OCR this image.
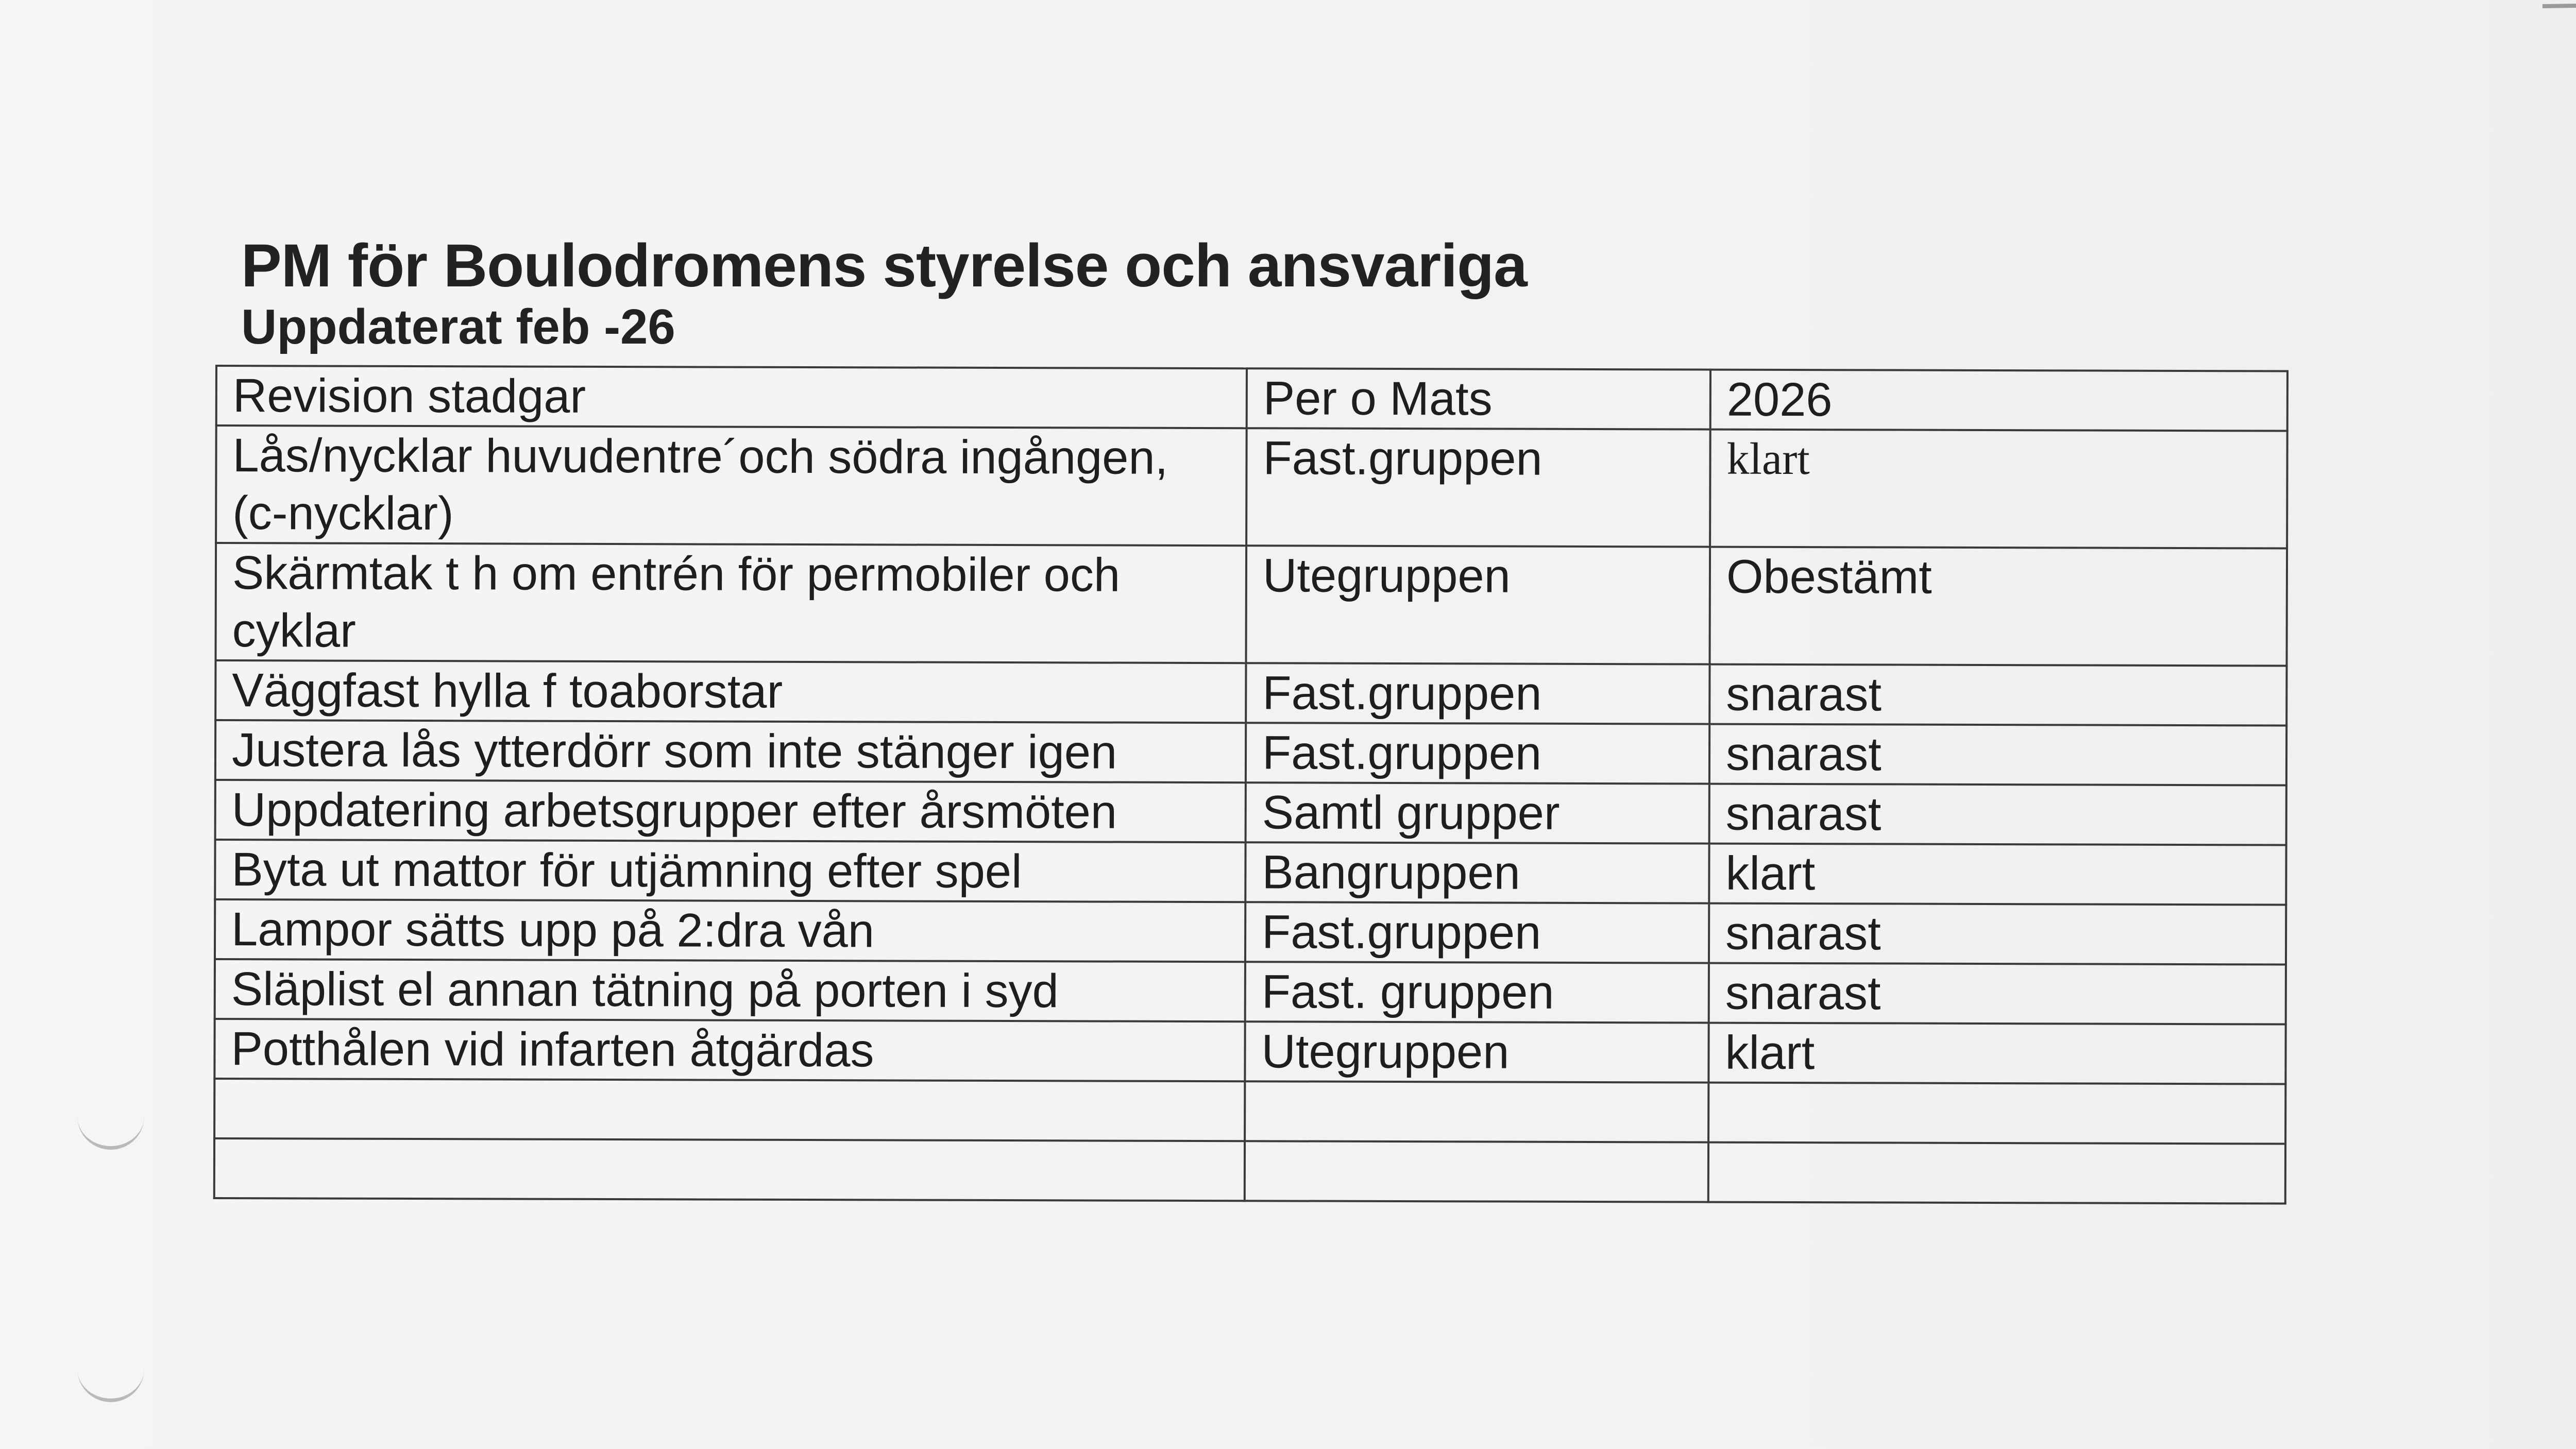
PM för Boulodromens styrelse och ansvariga
Uppdaterat feb -26
Revision stadgar	Per o Mats	2026
Lås/nycklar huvudentre´och södra ingången, (c-nycklar)	Fast.gruppen	klart
Skärmtak t h om entrén för permobiler och cyklar	Utegruppen	Obestämt
Väggfast hylla f toaborstar	Fast.gruppen	snarast
Justera lås ytterdörr som inte stänger igen	Fast.gruppen	snarast
Uppdatering arbetsgrupper efter årsmöten	Samtl grupper	snarast
Byta ut mattor för utjämning efter spel	Bangruppen	klart
Lampor sätts upp på 2:dra vån	Fast.gruppen	snarast
Släplist el annan tätning på porten i syd	Fast. gruppen	snarast
Potthålen vid infarten åtgärdas	Utegruppen	klart
